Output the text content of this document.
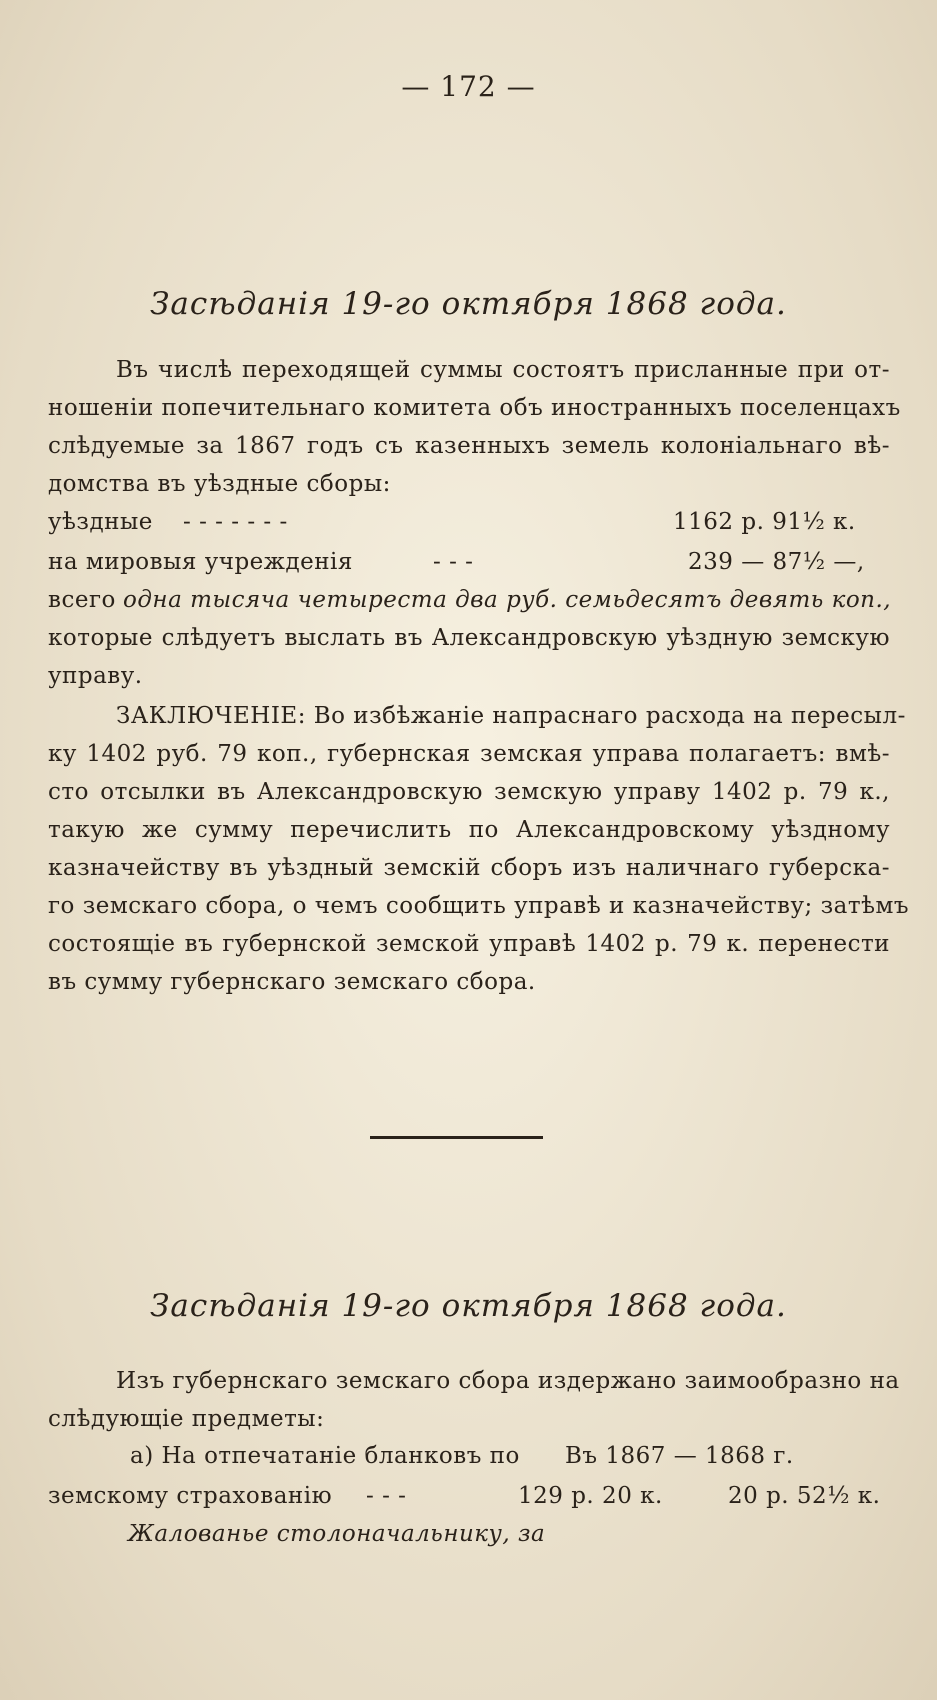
— 172 —
Засѣданія 19-го октября 1868 года.
Въ числѣ переходящей суммы состоятъ присланные при от-
ношеніи попечительнаго комитета объ иностранныхъ поселенцахъ
слѣдуемые за 1867 годъ съ казенныхъ земель колоніальнаго вѣ-
домства въ уѣздные сборы:
уѣздные - - - - - - -	1162 р. 91½ к.
на мировыя учрежденія	- - -	239 — 87½ —,
всего одна тысяча четыреста два руб. семьдесятъ девять коп.,
которые слѣдуетъ выслать въ Александровскую уѣздную земскую
управу.
ЗАКЛЮЧЕНІЕ: Во избѣжаніе напраснаго расхода на пересыл-
ку 1402 руб. 79 коп., губернская земская управа полагаетъ: вмѣ-
сто отсылки въ Александровскую земскую управу 1402 р. 79 к.,
такую же сумму перечислить по Александровскому уѣздному
казначейству въ уѣздный земскій сборъ изъ наличнаго губерска-
го земскаго сбора, о чемъ сообщить управѣ и казначейству; затѣмъ
состоящіе въ губернской земской управѣ 1402 р. 79 к. перенести
въ сумму губернскаго земскаго сбора.
Засѣданія 19-го октября 1868 года.
Изъ губернскаго земскаго сбора издержано заимообразно на
слѣдующіе предметы:
а) На отпечатаніе бланковъ по Въ 1867 — 1868 г.
земскому страхованію - - -	129 р. 20 к.	20 р. 52½ к.
Жалованье столоначальнику, за
